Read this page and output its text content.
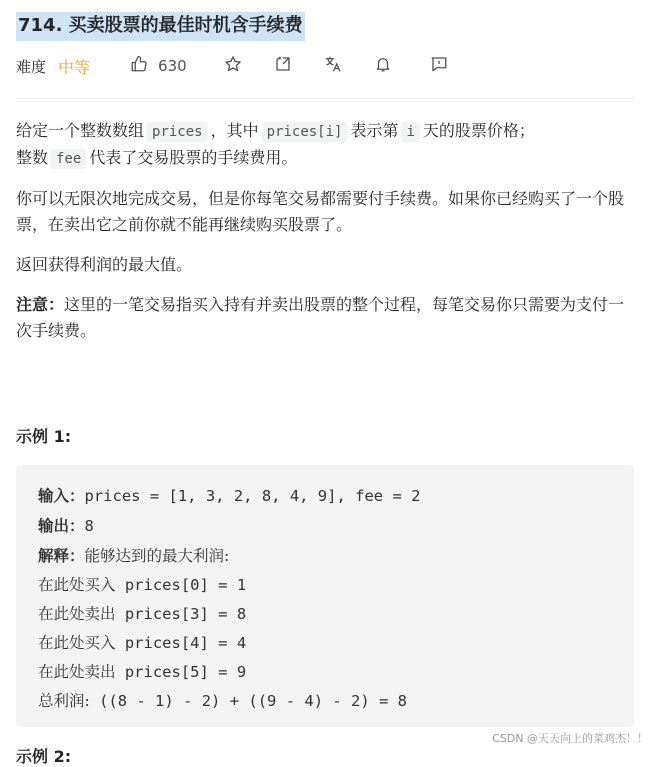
714. 买卖股票的最佳时机含手续费
难度 中等	630

给定一个整数数组 prices ，其中 prices[i] 表示第 i 天的股票价格；
整数 fee 代表了交易股票的手续费用。

你可以无限次地完成交易，但是你每笔交易都需要付手续费。如果你已经购买了一个股票，在卖出它之前你就不能再继续购买股票了。

返回获得利润的最大值。

注意：这里的一笔交易指买入持有并卖出股票的整个过程，每笔交易你只需要为支付一次手续费。

示例 1:
输入：prices = [1, 3, 2, 8, 4, 9], fee = 2
输出：8
解释：能够达到的最大利润:
在此处买入 prices[0] = 1
在此处卖出 prices[3] = 8
在此处买入 prices[4] = 4
在此处卖出 prices[5] = 9
总利润: ((8 - 1) - 2) + ((9 - 4) - 2) = 8
示例 2:
CSDN @天天向上的菜鸡杰！！
